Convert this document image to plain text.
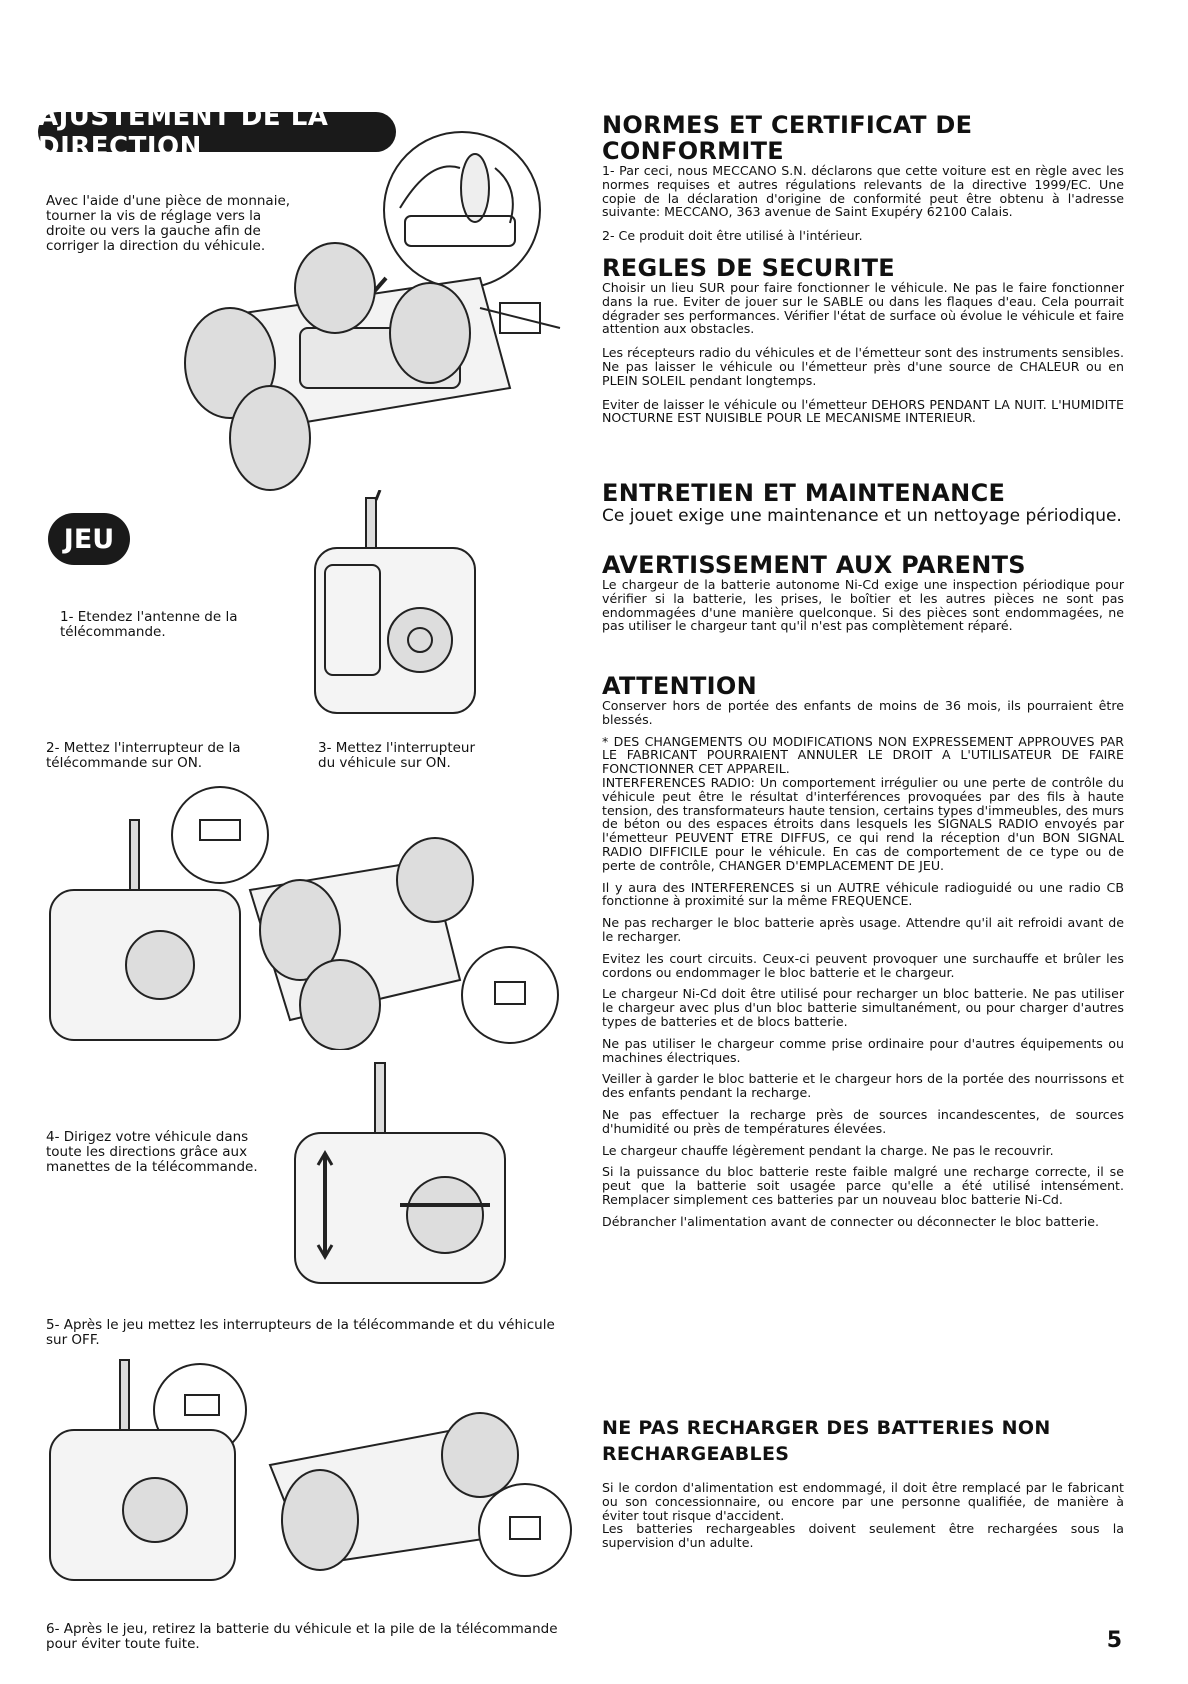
AJUSTEMENT DE LA DIRECTION
Avec l'aide d'une pièce de monnaie, tourner la vis de réglage vers la droite ou vers la gauche afin de corriger la direction du véhicule.
JEU
1- Etendez l'antenne de la télécommande.
2- Mettez l'interrupteur de la télécommande sur ON.
3- Mettez l'interrupteur du véhicule sur ON.
4- Dirigez votre véhicule dans toute les directions grâce aux manettes de la télécommande.
5- Après le jeu mettez les interrupteurs de la télécommande et du véhicule sur OFF.
6- Après le jeu, retirez la batterie du véhicule et la pile de la télécommande pour éviter toute fuite.
NORMES ET CERTIFICAT DE CONFORMITE

1- Par ceci, nous MECCANO S.N. déclarons que cette voiture est en règle avec les normes requises et autres régulations relevants de la directive 1999/EC. Une copie de la déclaration d'origine de conformité peut être obtenu à l'adresse suivante: MECCANO, 363 avenue de Saint Exupéry 62100 Calais.

2- Ce produit doit être utilisé à l'intérieur.

REGLES DE SECURITE

Choisir un lieu SUR pour faire fonctionner le véhicule. Ne pas le faire fonctionner dans la rue. Eviter de jouer sur le SABLE ou dans les flaques d'eau. Cela pourrait dégrader ses performances. Vérifier l'état de surface où évolue le véhicule et faire attention aux obstacles.

Les récepteurs radio du véhicules et de l'émetteur sont des instruments sensibles. Ne pas laisser le véhicule ou l'émetteur près d'une source de CHALEUR ou en PLEIN SOLEIL pendant longtemps.

Eviter de laisser le véhicule ou l'émetteur DEHORS PENDANT LA NUIT. L'HUMIDITE NOCTURNE EST NUISIBLE POUR LE MECANISME INTERIEUR.

ENTRETIEN ET MAINTENANCE

Ce jouet exige une maintenance et un nettoyage périodique.

AVERTISSEMENT AUX PARENTS

Le chargeur de la batterie autonome Ni-Cd exige une inspection périodique pour vérifier si la batterie, les prises, le boîtier et les autres pièces ne sont pas endommagées d'une manière quelconque. Si des pièces sont endommagées, ne pas utiliser le chargeur tant qu'il n'est pas complètement réparé.

ATTENTION

Conserver hors de portée des enfants de moins de 36 mois, ils pourraient être blessés.

* DES CHANGEMENTS OU MODIFICATIONS NON EXPRESSEMENT APPROUVES PAR LE FABRICANT POURRAIENT ANNULER LE DROIT A L'UTILISATEUR DE FAIRE FONCTIONNER CET APPAREIL.

INTERFERENCES RADIO: Un comportement irrégulier ou une perte de contrôle du véhicule peut être le résultat d'interférences provoquées par des fils à haute tension, des transformateurs haute tension, certains types d'immeubles, des murs de béton ou des espaces étroits dans lesquels les SIGNALS RADIO envoyés par l'émetteur PEUVENT ETRE DIFFUS, ce qui rend la réception d'un BON SIGNAL RADIO DIFFICILE pour le véhicule. En cas de comportement de ce type ou de perte de contrôle, CHANGER D'EMPLACEMENT DE JEU.

Il y aura des INTERFERENCES si un AUTRE véhicule radioguidé ou une radio CB fonctionne à proximité sur la même FREQUENCE.

Ne pas recharger le bloc batterie après usage. Attendre qu'il ait refroidi avant de le recharger.

Evitez les court circuits. Ceux-ci peuvent provoquer une surchauffe et brûler les cordons ou endommager le bloc batterie et le chargeur.

Le chargeur Ni-Cd doit être utilisé pour recharger un bloc batterie. Ne pas utiliser le chargeur avec plus d'un bloc batterie simultanément, ou pour charger d'autres types de batteries et de blocs batterie.

Ne pas utiliser le chargeur comme prise ordinaire pour d'autres équipements ou machines électriques.

Veiller à garder le bloc batterie et le chargeur hors de la portée des nourrissons et des enfants pendant la recharge.

Ne pas effectuer la recharge près de sources incandescentes, de sources d'humidité ou près de températures élevées.

Le chargeur chauffe légèrement pendant la charge. Ne pas le recouvrir.

Si la puissance du bloc batterie reste faible malgré une recharge correcte, il se peut que la batterie soit usagée parce qu'elle a été utilisé intensément. Remplacer simplement ces batteries par un nouveau bloc batterie Ni-Cd.

Débrancher l'alimentation avant de connecter ou déconnecter le bloc batterie.

NE PAS RECHARGER DES BATTERIES NON RECHARGEABLES

Si le cordon d'alimentation est endommagé, il doit être remplacé par le fabricant ou son concessionnaire, ou encore par une personne qualifiée, de manière à éviter tout risque d'accident.

Les batteries rechargeables doivent seulement être rechargées sous la supervision d'un adulte.

5
